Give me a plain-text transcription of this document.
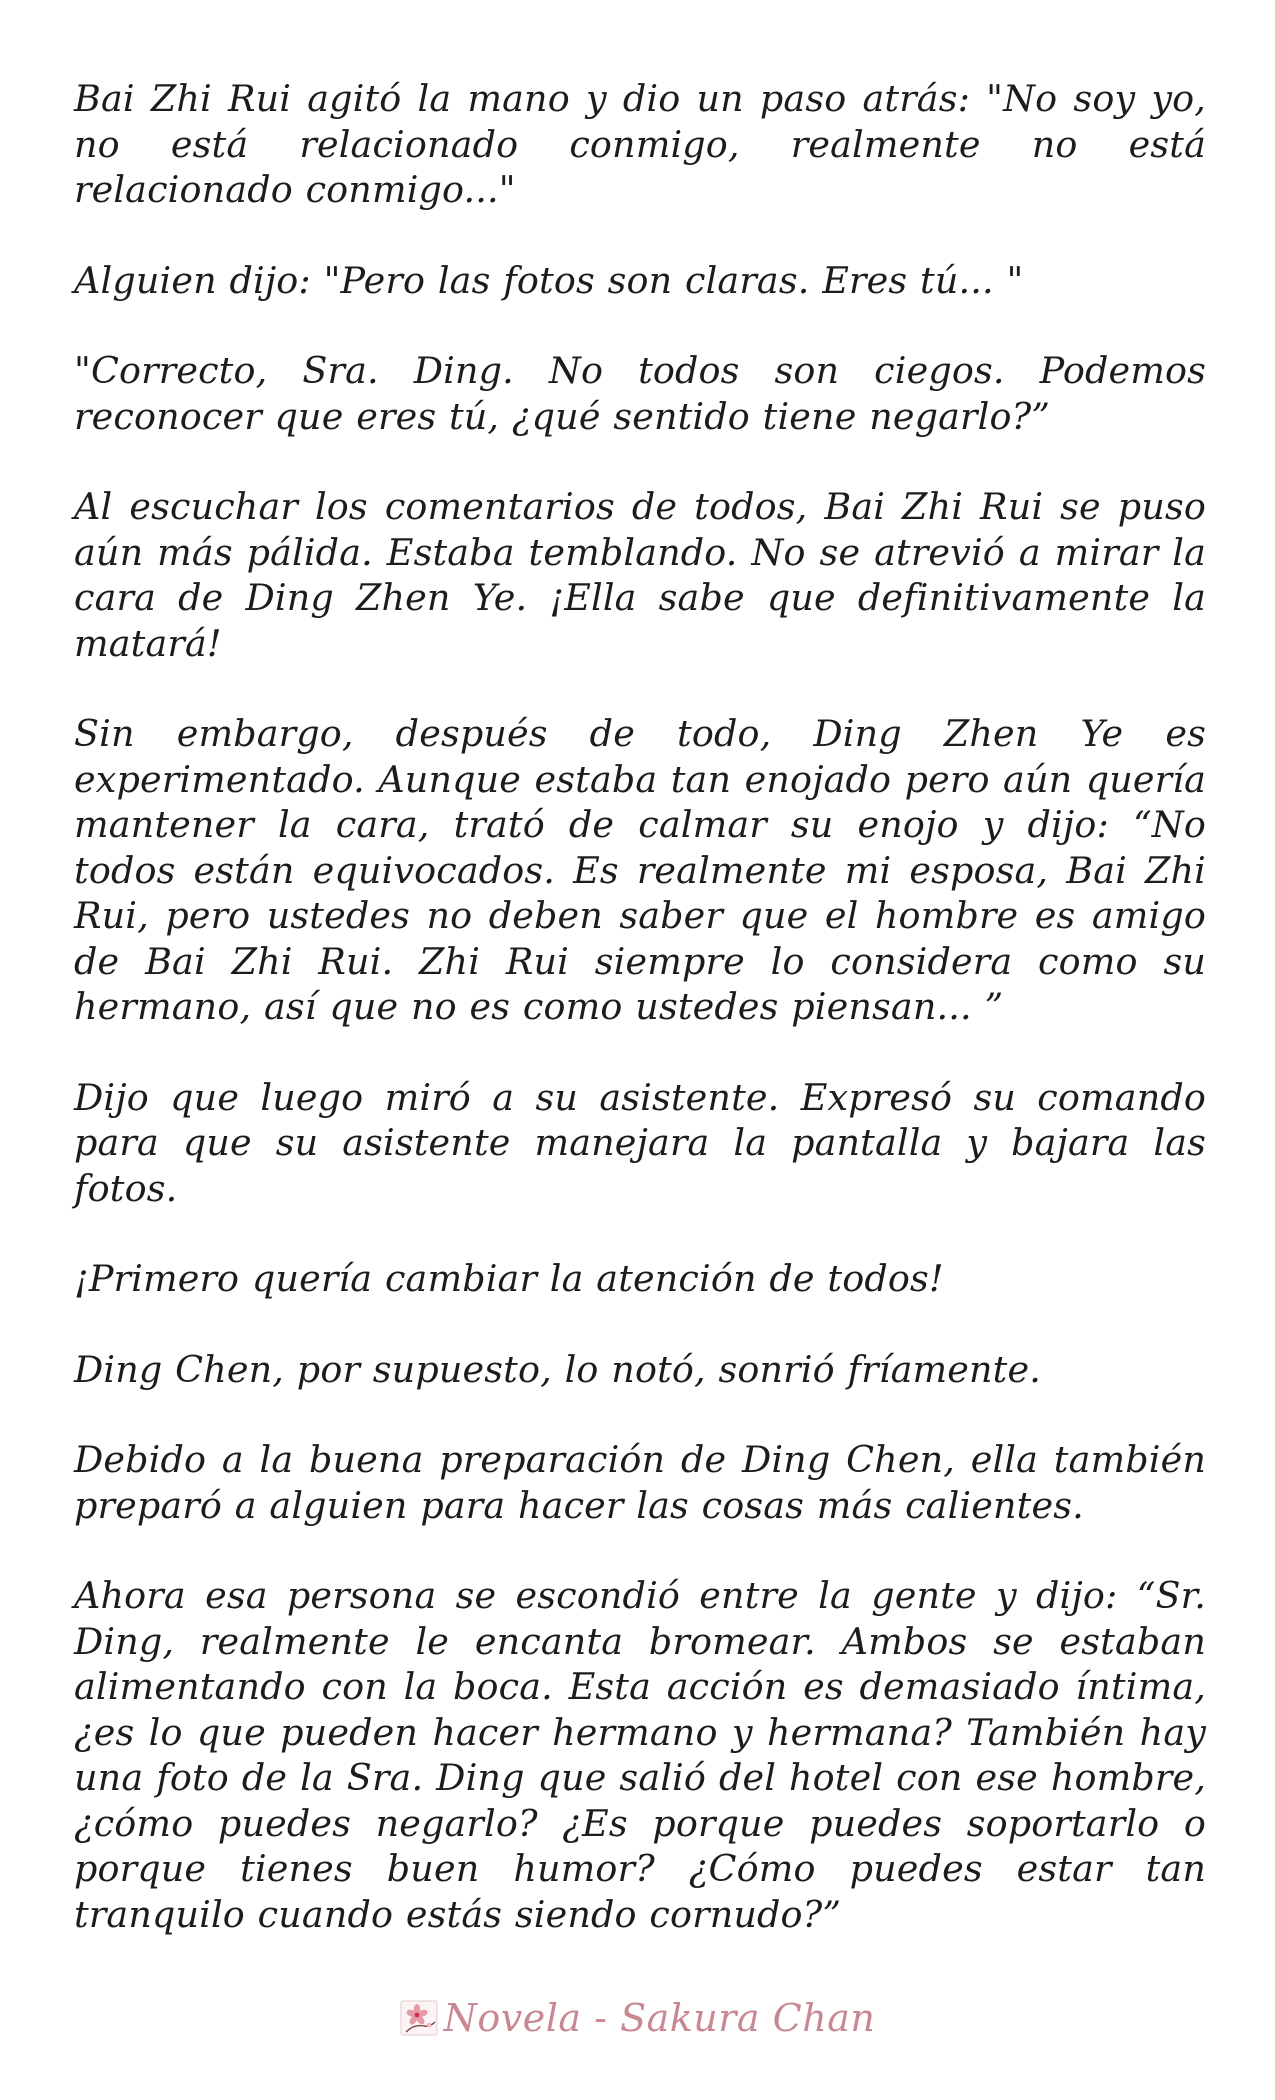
Bai Zhi Rui agitó la mano y dio un paso atrás: "No soy yo, no está relacionado conmigo, realmente no está relacionado conmigo..."

Alguien dijo: "Pero las fotos son claras. Eres tú... "

"Correcto, Sra. Ding. No todos son ciegos. Podemos reconocer que eres tú, ¿qué sentido tiene negarlo?”

Al escuchar los comentarios de todos, Bai Zhi Rui se puso aún más pálida. Estaba temblando. No se atrevió a mirar la cara de Ding Zhen Ye. ¡Ella sabe que definitivamente la matará!

Sin embargo, después de todo, Ding Zhen Ye es experimentado. Aunque estaba tan enojado pero aún quería mantener la cara, trató de calmar su enojo y dijo: “No todos están equivocados. Es realmente mi esposa, Bai Zhi Rui, pero ustedes no deben saber que el hombre es amigo de Bai Zhi Rui. Zhi Rui siempre lo considera como su hermano, así que no es como ustedes piensan... ”

Dijo que luego miró a su asistente. Expresó su comando para que su asistente manejara la pantalla y bajara las fotos.

¡Primero quería cambiar la atención de todos!

Ding Chen, por supuesto, lo notó, sonrió fríamente.

Debido a la buena preparación de Ding Chen, ella también preparó a alguien para hacer las cosas más calientes.

Ahora esa persona se escondió entre la gente y dijo: “Sr. Ding, realmente le encanta bromear. Ambos se estaban alimentando con la boca. Esta acción es demasiado íntima, ¿es lo que pueden hacer hermano y hermana? También hay una foto de la Sra. Ding que salió del hotel con ese hombre, ¿cómo puedes negarlo? ¿Es porque puedes soportarlo o porque tienes buen humor? ¿Cómo puedes estar tan tranquilo cuando estás siendo cornudo?”

Novela - Sakura Chan
